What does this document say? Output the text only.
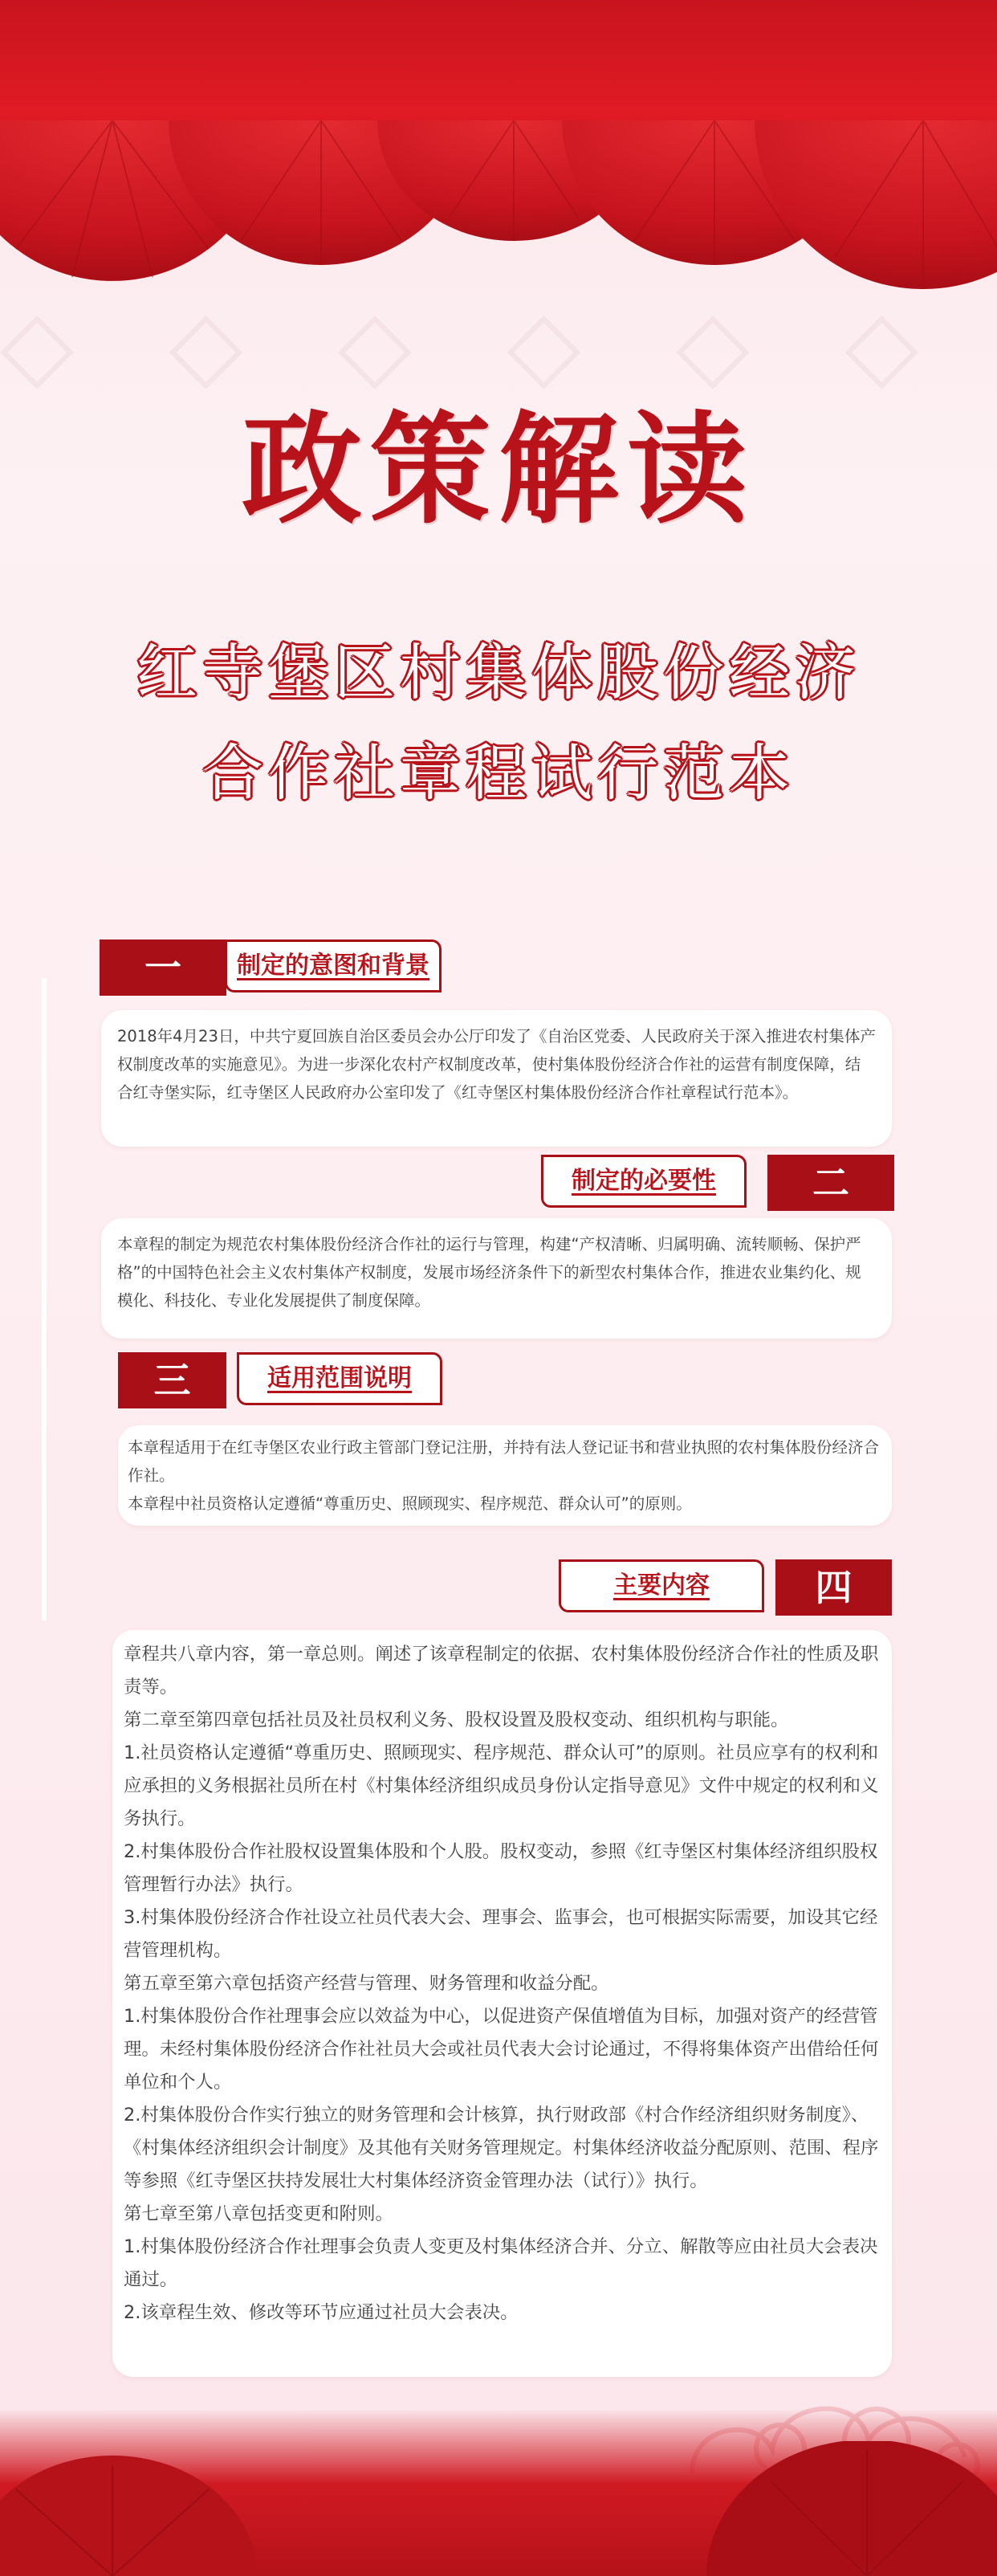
◇ ◇ ◇ ◇ ◇ ◇
政策解读
红寺堡区村集体股份经济
合作社章程试行范本
一	制定的意图和背景

2018年4月23日，中共宁夏回族自治区委员会办公厅印发了《自治区党委、人民政府关于深入推进农村集体产权制度改革的实施意见》。为进一步深化农村产权制度改革，使村集体股份经济合作社的运营有制度保障，结合红寺堡实际，红寺堡区人民政府办公室印发了《红寺堡区村集体股份经济合作社章程试行范本》。

制定的必要性	二

本章程的制定为规范农村集体股份经济合作社的运行与管理，构建“产权清晰、归属明确、流转顺畅、保护严格”的中国特色社会主义农村集体产权制度，发展市场经济条件下的新型农村集体合作，推进农业集约化、规模化、科技化、专业化发展提供了制度保障。

三	适用范围说明

本章程适用于在红寺堡区农业行政主管部门登记注册，并持有法人登记证书和营业执照的农村集体股份经济合作社。

本章程中社员资格认定遵循“尊重历史、照顾现实、程序规范、群众认可”的原则。

主要内容	四

章程共八章内容，第一章总则。阐述了该章程制定的依据、农村集体股份经济合作社的性质及职责等。

第二章至第四章包括社员及社员权利义务、股权设置及股权变动、组织机构与职能。

1.社员资格认定遵循“尊重历史、照顾现实、程序规范、群众认可”的原则。社员应享有的权利和应承担的义务根据社员所在村《村集体经济组织成员身份认定指导意见》文件中规定的权利和义务执行。

2.村集体股份合作社股权设置集体股和个人股。股权变动，参照《红寺堡区村集体经济组织股权管理暂行办法》执行。

3.村集体股份经济合作社设立社员代表大会、理事会、监事会，也可根据实际需要，加设其它经营管理机构。

第五章至第六章包括资产经营与管理、财务管理和收益分配。

1.村集体股份合作社理事会应以效益为中心，以促进资产保值增值为目标，加强对资产的经营管理。未经村集体股份经济合作社社员大会或社员代表大会讨论通过，不得将集体资产出借给任何单位和个人。

2.村集体股份合作实行独立的财务管理和会计核算，执行财政部《村合作经济组织财务制度》、《村集体经济组织会计制度》及其他有关财务管理规定。村集体经济收益分配原则、范围、程序等参照《红寺堡区扶持发展壮大村集体经济资金管理办法（试行）》执行。

第七章至第八章包括变更和附则。

1.村集体股份经济合作社理事会负责人变更及村集体经济合并、分立、解散等应由社员大会表决通过。

2.该章程生效、修改等环节应通过社员大会表决。
